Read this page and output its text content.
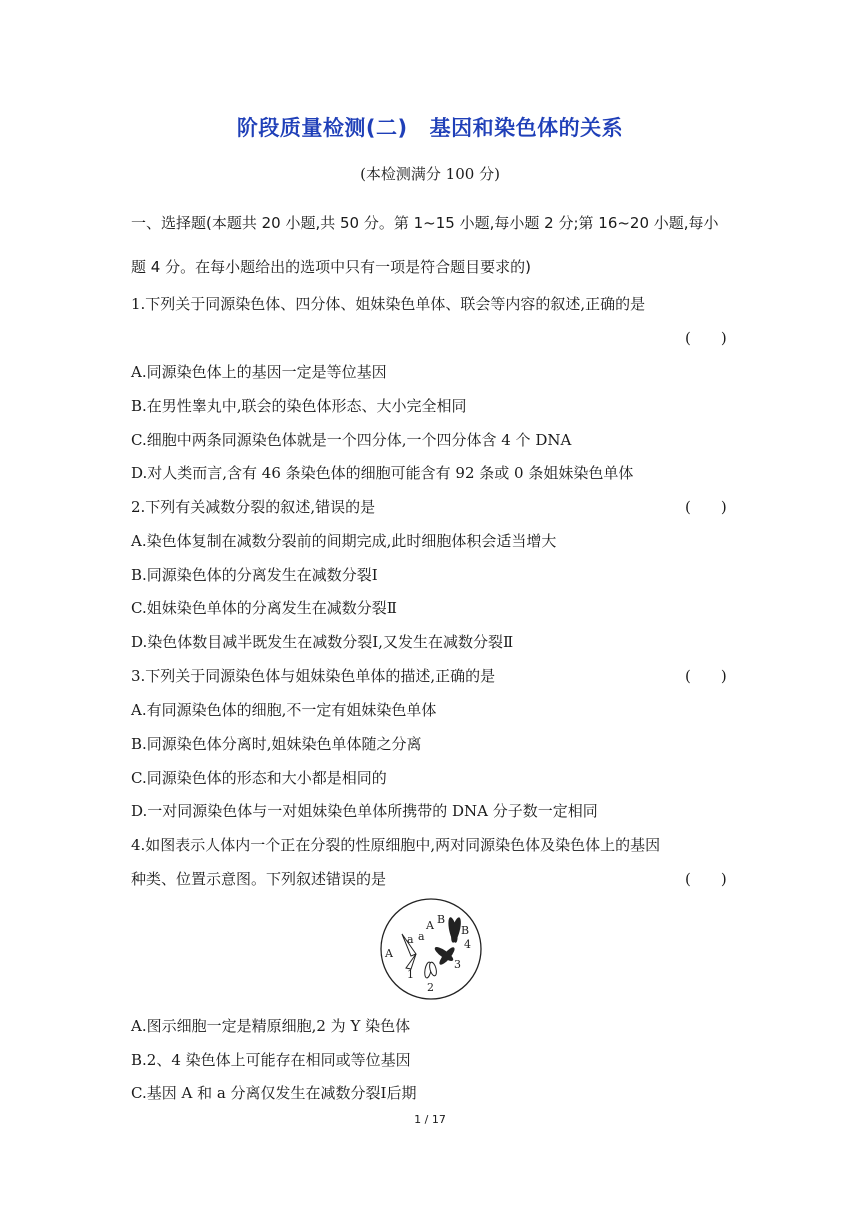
阶段质量检测(二) 基因和染色体的关系
(本检测满分 100 分)
一、选择题(本题共 20 小题,共 50 分。第 1~15 小题,每小题 2 分;第 16~20 小题,每小
题 4 分。在每小题给出的选项中只有一项是符合题目要求的)
1.下列关于同源染色体、四分体、姐妹染色单体、联会等内容的叙述,正确的是
(　　)
A.同源染色体上的基因一定是等位基因
B.在男性睾丸中,联会的染色体形态、大小完全相同
C.细胞中两条同源染色体就是一个四分体,一个四分体含 4 个 DNA
D.对人类而言,含有 46 条染色体的细胞可能含有 92 条或 0 条姐妹染色单体
2.下列有关减数分裂的叙述,错误的是	(　　)
A.染色体复制在减数分裂前的间期完成,此时细胞体积会适当增大
B.同源染色体的分离发生在减数分裂Ⅰ
C.姐妹染色单体的分离发生在减数分裂Ⅱ
D.染色体数目减半既发生在减数分裂Ⅰ,又发生在减数分裂Ⅱ
3.下列关于同源染色体与姐妹染色单体的描述,正确的是	(　　)
A.有同源染色体的细胞,不一定有姐妹染色单体
B.同源染色体分离时,姐妹染色单体随之分离
C.同源染色体的形态和大小都是相同的
D.一对同源染色体与一对姐妹染色单体所携带的 DNA 分子数一定相同
4.如图表示人体内一个正在分裂的性原细胞中,两对同源染色体及染色体上的基因
种类、位置示意图。下列叙述错误的是	(　　)
A
a a
A B
B
1
2
3
4
A.图示细胞一定是精原细胞,2 为 Y 染色体
B.2、4 染色体上可能存在相同或等位基因
C.基因 A 和 a 分离仅发生在减数分裂Ⅰ后期
1 / 17
